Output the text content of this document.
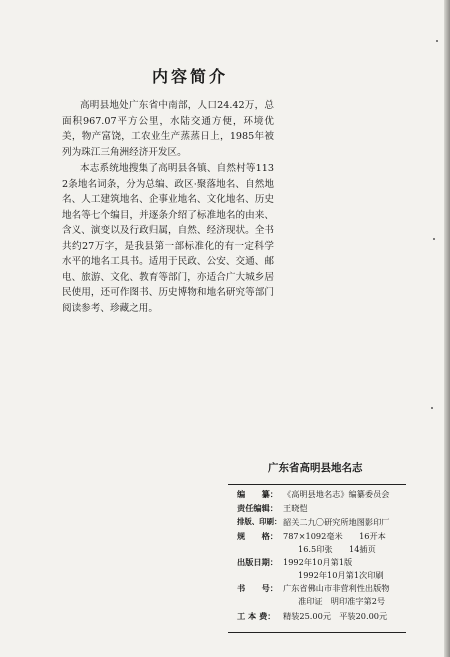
内容简介
高明县地处广东省中南部，人口24.42万，总面积967.07平方公里，水陆交通方便，环境优美，物产富饶，工农业生产蒸蒸日上，1985年被列为珠江三角洲经济开发区。
本志系统地搜集了高明县各镇、自然村等1132条地名词条，分为总编、政区·聚落地名、自然地名、人工建筑地名、企事业地名、文化地名、历史地名等七个编目，并逐条介绍了标准地名的由来、含义、演变以及行政归属，自然、经济现状。全书共约27万字，是我县第一部标准化的有一定科学水平的地名工具书。适用于民政、公安、交通、邮电、旅游、文化、教育等部门，亦适合广大城乡居民使用，还可作图书、历史博物和地名研究等部门阅读参考、珍藏之用。
广东省高明县地名志
编　　纂： 《高明县地名志》编纂委员会
责任编辑： 王晓恺
排版、印刷： 韶关二九〇研究所地图影印厂
规　　格： 787×1092毫米　　16开本
16.5印张　　14插页
出版日期： 1992年10月第1版
1992年10月第1次印刷
书　　号： 广东省佛山市非营利性出版物
准印证　明印准字第2号
工 本 费： 精装25.00元　平装20.00元
